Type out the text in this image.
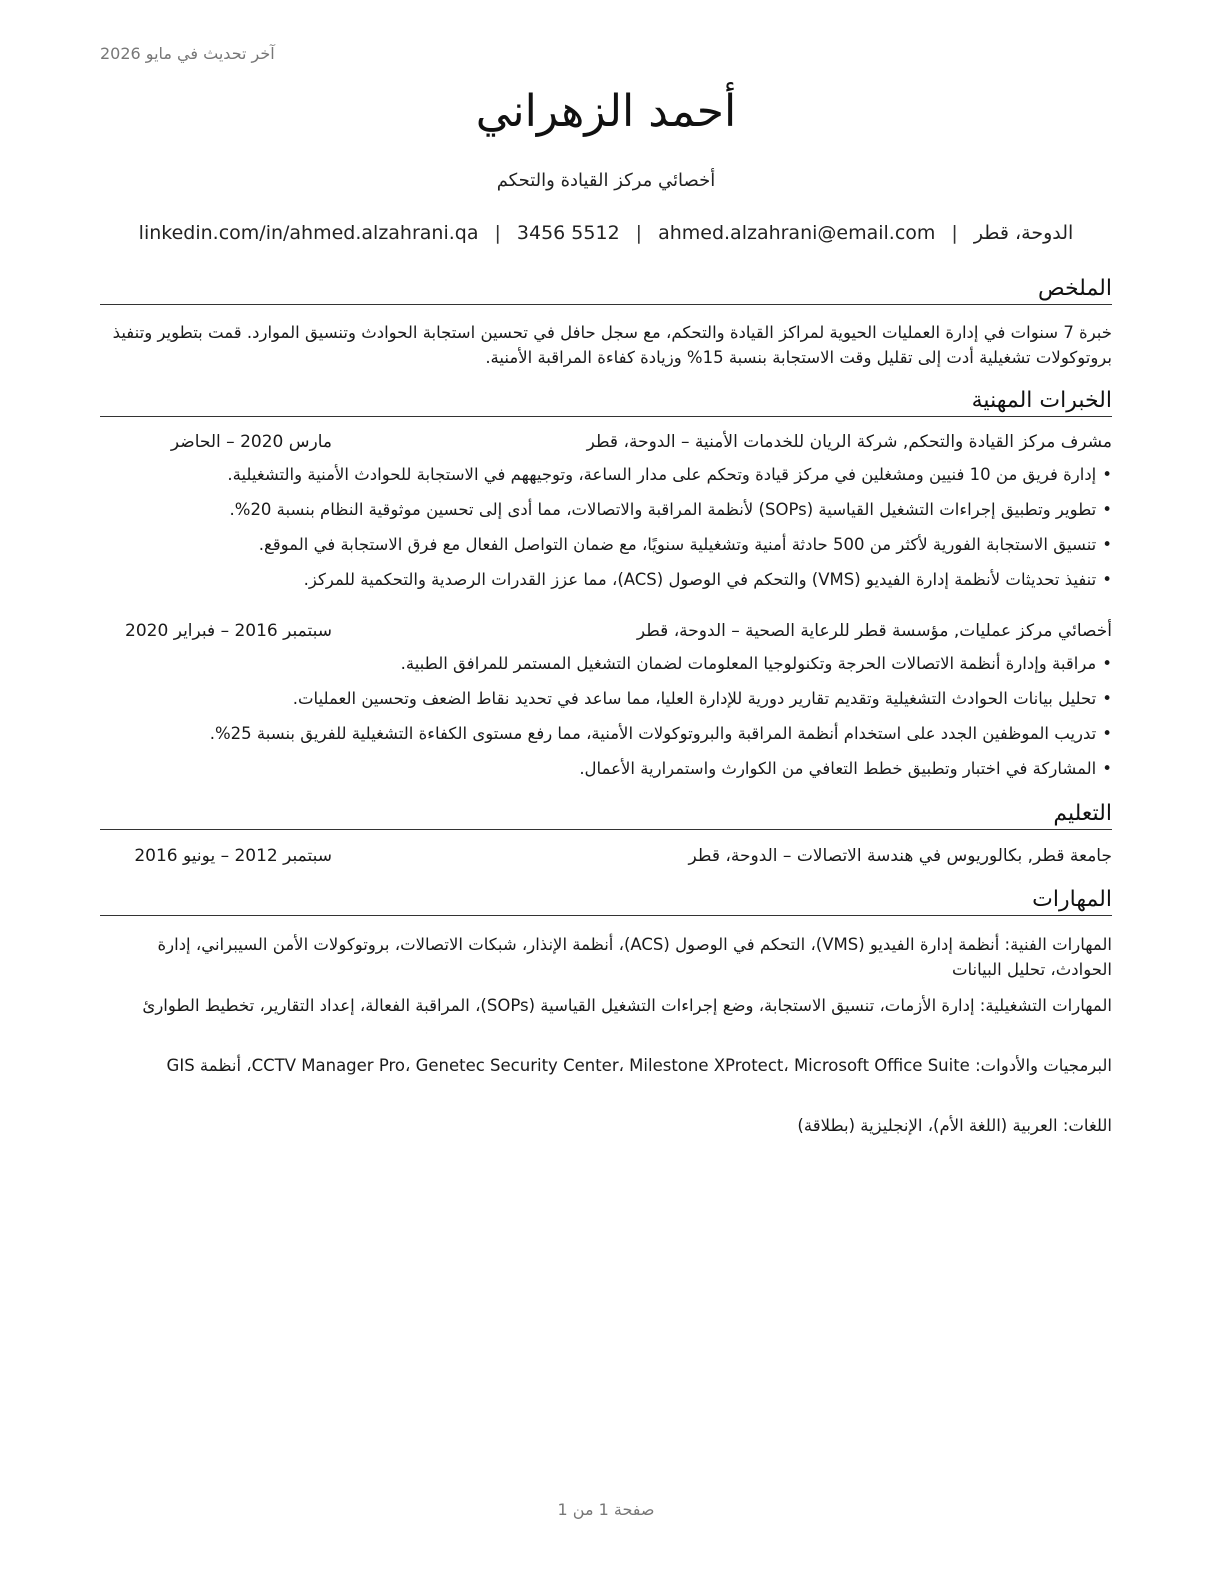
آخر تحديث في مايو 2026
أحمد الزهراني
أخصائي مركز القيادة والتحكم
الدوحة، قطر|ahmed.alzahrani@email.com|3456 5512|linkedin.com/in/ahmed.alzahrani.qa
الملخص
خبرة 7 سنوات في إدارة العمليات الحيوية لمراكز القيادة والتحكم، مع سجل حافل في تحسين استجابة الحوادث وتنسيق الموارد. قمت بتطوير وتنفيذ بروتوكولات تشغيلية أدت إلى تقليل وقت الاستجابة بنسبة 15% وزيادة كفاءة المراقبة الأمنية.
الخبرات المهنية
مشرف مركز القيادة والتحكم, شركة الريان للخدمات الأمنية – الدوحة، قطر
مارس 2020 – الحاضر
•إدارة فريق من 10 فنيين ومشغلين في مركز قيادة وتحكم على مدار الساعة، وتوجيههم في الاستجابة للحوادث الأمنية والتشغيلية.
•تطوير وتطبيق إجراءات التشغيل القياسية (SOPs) لأنظمة المراقبة والاتصالات، مما أدى إلى تحسين موثوقية النظام بنسبة 20%.
•تنسيق الاستجابة الفورية لأكثر من 500 حادثة أمنية وتشغيلية سنويًا، مع ضمان التواصل الفعال مع فرق الاستجابة في الموقع.
•تنفيذ تحديثات لأنظمة إدارة الفيديو (VMS) والتحكم في الوصول (ACS)، مما عزز القدرات الرصدية والتحكمية للمركز.
أخصائي مركز عمليات, مؤسسة قطر للرعاية الصحية – الدوحة، قطر
سبتمبر 2016 – فبراير 2020
•مراقبة وإدارة أنظمة الاتصالات الحرجة وتكنولوجيا المعلومات لضمان التشغيل المستمر للمرافق الطبية.
•تحليل بيانات الحوادث التشغيلية وتقديم تقارير دورية للإدارة العليا، مما ساعد في تحديد نقاط الضعف وتحسين العمليات.
•تدريب الموظفين الجدد على استخدام أنظمة المراقبة والبروتوكولات الأمنية، مما رفع مستوى الكفاءة التشغيلية للفريق بنسبة 25%.
•المشاركة في اختبار وتطبيق خطط التعافي من الكوارث واستمرارية الأعمال.
التعليم
جامعة قطر, بكالوريوس في هندسة الاتصالات – الدوحة، قطر
سبتمبر 2012 – يونيو 2016
المهارات
المهارات الفنية: أنظمة إدارة الفيديو (VMS)، التحكم في الوصول (ACS)، أنظمة الإنذار، شبكات الاتصالات، بروتوكولات الأمن السيبراني، إدارة الحوادث، تحليل البيانات
المهارات التشغيلية: إدارة الأزمات، تنسيق الاستجابة، وضع إجراءات التشغيل القياسية (SOPs)، المراقبة الفعالة، إعداد التقارير، تخطيط الطوارئ
البرمجيات والأدوات: CCTV Manager Pro، Genetec Security Center، Milestone XProtect، Microsoft Office Suite، أنظمة GIS
اللغات: العربية (اللغة الأم)، الإنجليزية (بطلاقة)
صفحة 1 من 1
